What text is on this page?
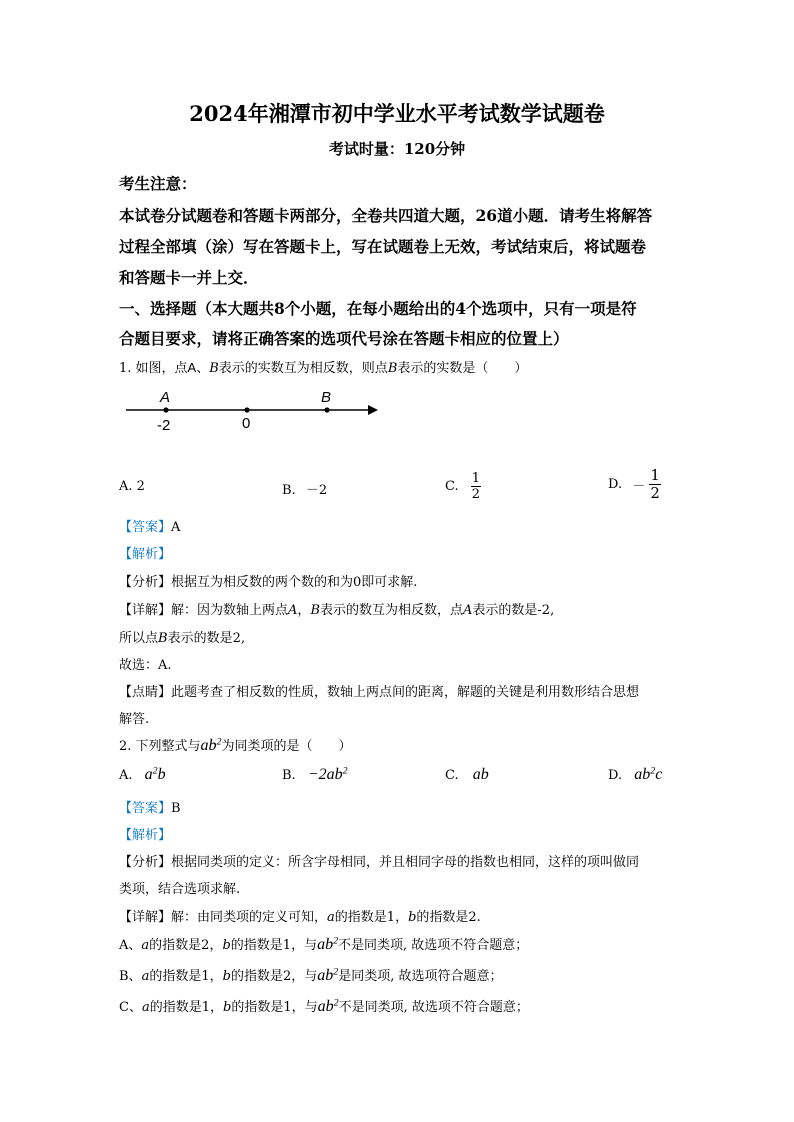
2024年湘潭市初中学业水平考试数学试题卷
考试时量：120分钟
考生注意：
本试卷分试题卷和答题卡两部分，全卷共四道大题，26道小题．请考生将解答
过程全部填（涂）写在答题卡上，写在试题卷上无效，考试结束后，将试题卷
和答题卡一并上交．
一、选择题（本大题共8个小题，在每小题给出的4个选项中，只有一项是符
合题目要求，请将正确答案的选项代号涂在答题卡相应的位置上）
1. 如图，点A、B表示的实数互为相反数，则点B表示的实数是（　　）
A	B
-2	0
A. 2	B. －2	C. $\frac{1}{2}$	D. － $\frac{1}{2}$
【答案】A
【解析】
【分析】根据互为相反数的两个数的和为0即可求解.
【详解】解：因为数轴上两点A，B表示的数互为相反数，点A表示的数是-2,
所以点B表示的数是2,
故选：A.
【点睛】此题考查了相反数的性质，数轴上两点间的距离，解题的关键是利用数形结合思想
解答.
2. 下列整式与$ab^2$为同类项的是（　　）
A. $a^2b$	B. $-2ab^2$	C. ab	D. $ab^2c$
【答案】B
【解析】
【分析】根据同类项的定义：所含字母相同，并且相同字母的指数也相同，这样的项叫做同
类项，结合选项求解.
【详解】解：由同类项的定义可知，a的指数是1，b的指数是2.
A、a的指数是2，b的指数是1，与$ab^2$不是同类项, 故选项不符合题意；
B、a的指数是1，b的指数是2，与$ab^2$是同类项, 故选项符合题意；
C、a的指数是1，b的指数是1，与$ab^2$不是同类项, 故选项不符合题意；
